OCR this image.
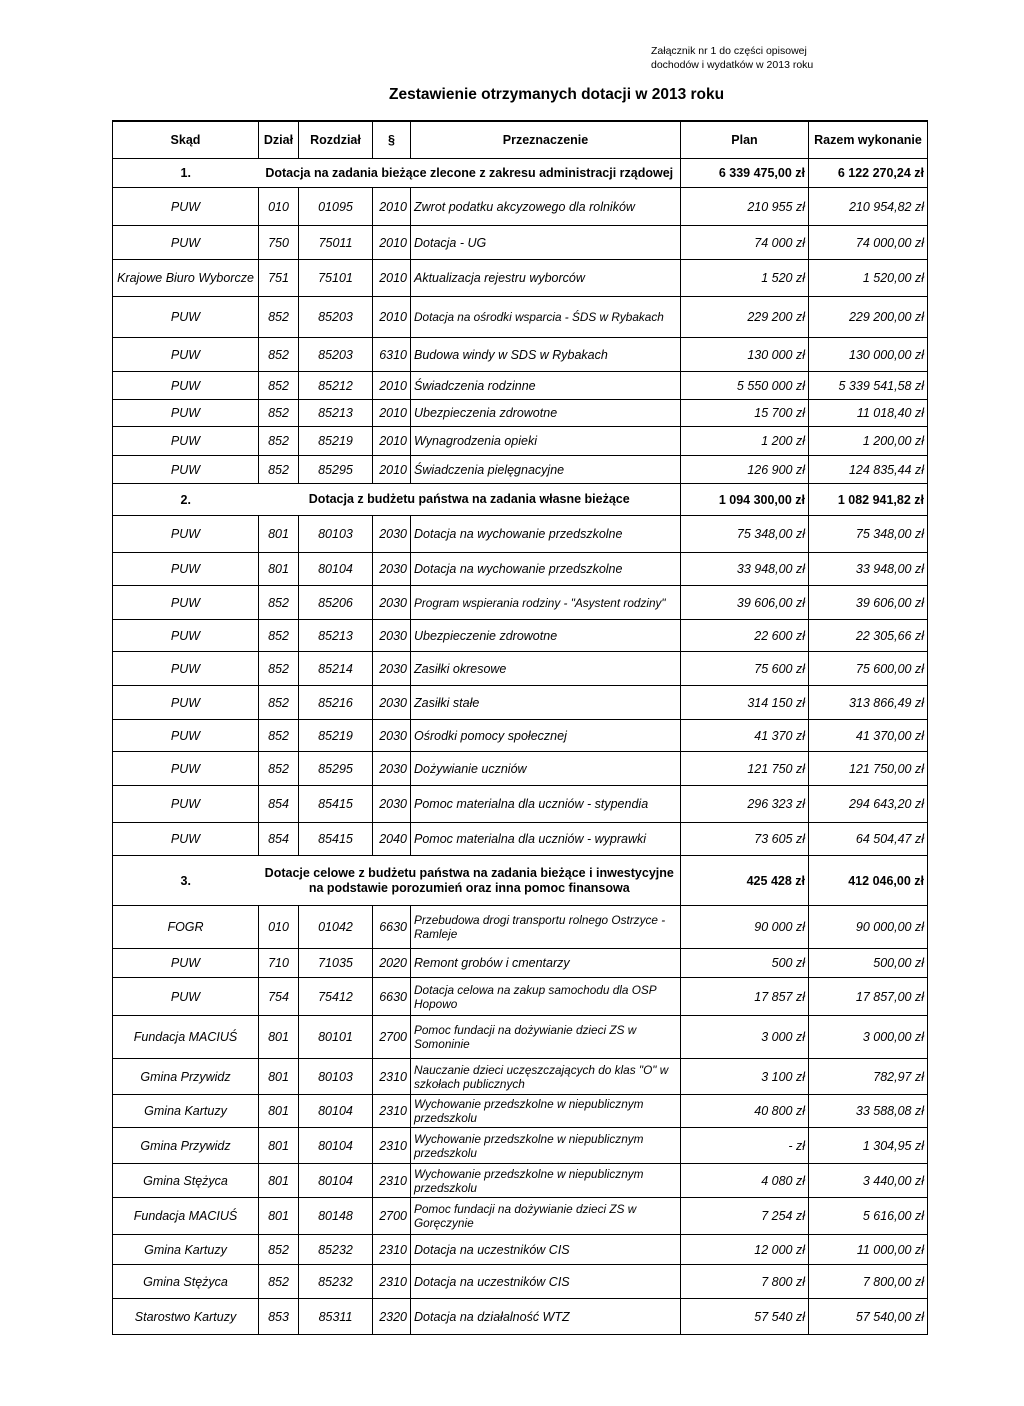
Załącznik nr 1 do części opisowej
dochodów i wydatków w 2013 roku
Zestawienie otrzymanych dotacji w 2013 roku
Skąd	Dział	Rozdział	§	Przeznaczenie	Plan	Razem wykonanie
1.	Dotacja na zadania bieżące zlecone z zakresu administracji rządowej				6 339 475,00 zł	6 122 270,24 zł
PUW	010	01095	2010	Zwrot podatku akcyzowego dla rolników	210 955 zł	210 954,82 zł
PUW	750	75011	2010	Dotacja - UG	74 000 zł	74 000,00 zł
Krajowe Biuro Wyborcze	751	75101	2010	Aktualizacja rejestru wyborców	1 520 zł	1 520,00 zł
PUW	852	85203	2010	Dotacja na ośrodki wsparcia - ŚDS w Rybakach	229 200 zł	229 200,00 zł
PUW	852	85203	6310	Budowa windy w SDS w Rybakach	130 000 zł	130 000,00 zł
PUW	852	85212	2010	Świadczenia rodzinne	5 550 000 zł	5 339 541,58 zł
PUW	852	85213	2010	Ubezpieczenia zdrowotne	15 700 zł	11 018,40 zł
PUW	852	85219	2010	Wynagrodzenia opieki	1 200 zł	1 200,00 zł
PUW	852	85295	2010	Świadczenia pielęgnacyjne	126 900 zł	124 835,44 zł
2.	Dotacja z budżetu państwa na zadania własne bieżące				1 094 300,00 zł	1 082 941,82 zł
PUW	801	80103	2030	Dotacja na wychowanie przedszkolne	75 348,00 zł	75 348,00 zł
PUW	801	80104	2030	Dotacja na wychowanie przedszkolne	33 948,00 zł	33 948,00 zł
PUW	852	85206	2030	Program wspierania rodziny - "Asystent rodziny"	39 606,00 zł	39 606,00 zł
PUW	852	85213	2030	Ubezpieczenie zdrowotne	22 600 zł	22 305,66 zł
PUW	852	85214	2030	Zasiłki okresowe	75 600 zł	75 600,00 zł
PUW	852	85216	2030	Zasiłki stałe	314 150 zł	313 866,49 zł
PUW	852	85219	2030	Ośrodki pomocy społecznej	41 370 zł	41 370,00 zł
PUW	852	85295	2030	Dożywianie uczniów	121 750 zł	121 750,00 zł
PUW	854	85415	2030	Pomoc materialna dla uczniów - stypendia	296 323 zł	294 643,20 zł
PUW	854	85415	2040	Pomoc materialna dla uczniów - wyprawki	73 605 zł	64 504,47 zł
3.	Dotacje celowe z budżetu państwa na zadania bieżące i inwestycyjne na podstawie porozumień oraz inna pomoc finansowa				425 428 zł	412 046,00 zł
FOGR	010	01042	6630	Przebudowa drogi transportu rolnego Ostrzyce - Ramleje	90 000 zł	90 000,00 zł
PUW	710	71035	2020	Remont grobów i cmentarzy	500 zł	500,00 zł
PUW	754	75412	6630	Dotacja celowa na zakup samochodu dla OSP Hopowo	17 857 zł	17 857,00 zł
Fundacja MACIUŚ	801	80101	2700	Pomoc fundacji na dożywianie dzieci ZS w Somoninie	3 000 zł	3 000,00 zł
Gmina Przywidz	801	80103	2310	Nauczanie dzieci uczęszczających do klas "O" w szkołach publicznych	3 100 zł	782,97 zł
Gmina Kartuzy	801	80104	2310	Wychowanie przedszkolne w niepublicznym przedszkolu	40 800 zł	33 588,08 zł
Gmina Przywidz	801	80104	2310	Wychowanie przedszkolne w niepublicznym przedszkolu	- zł	1 304,95 zł
Gmina Stężyca	801	80104	2310	Wychowanie przedszkolne w niepublicznym przedszkolu	4 080 zł	3 440,00 zł
Fundacja MACIUŚ	801	80148	2700	Pomoc fundacji na dożywianie dzieci ZS w Goręczynie	7 254 zł	5 616,00 zł
Gmina Kartuzy	852	85232	2310	Dotacja na uczestników CIS	12 000 zł	11 000,00 zł
Gmina Stężyca	852	85232	2310	Dotacja na uczestników CIS	7 800 zł	7 800,00 zł
Starostwo Kartuzy	853	85311	2320	Dotacja na działalność WTZ	57 540 zł	57 540,00 zł
